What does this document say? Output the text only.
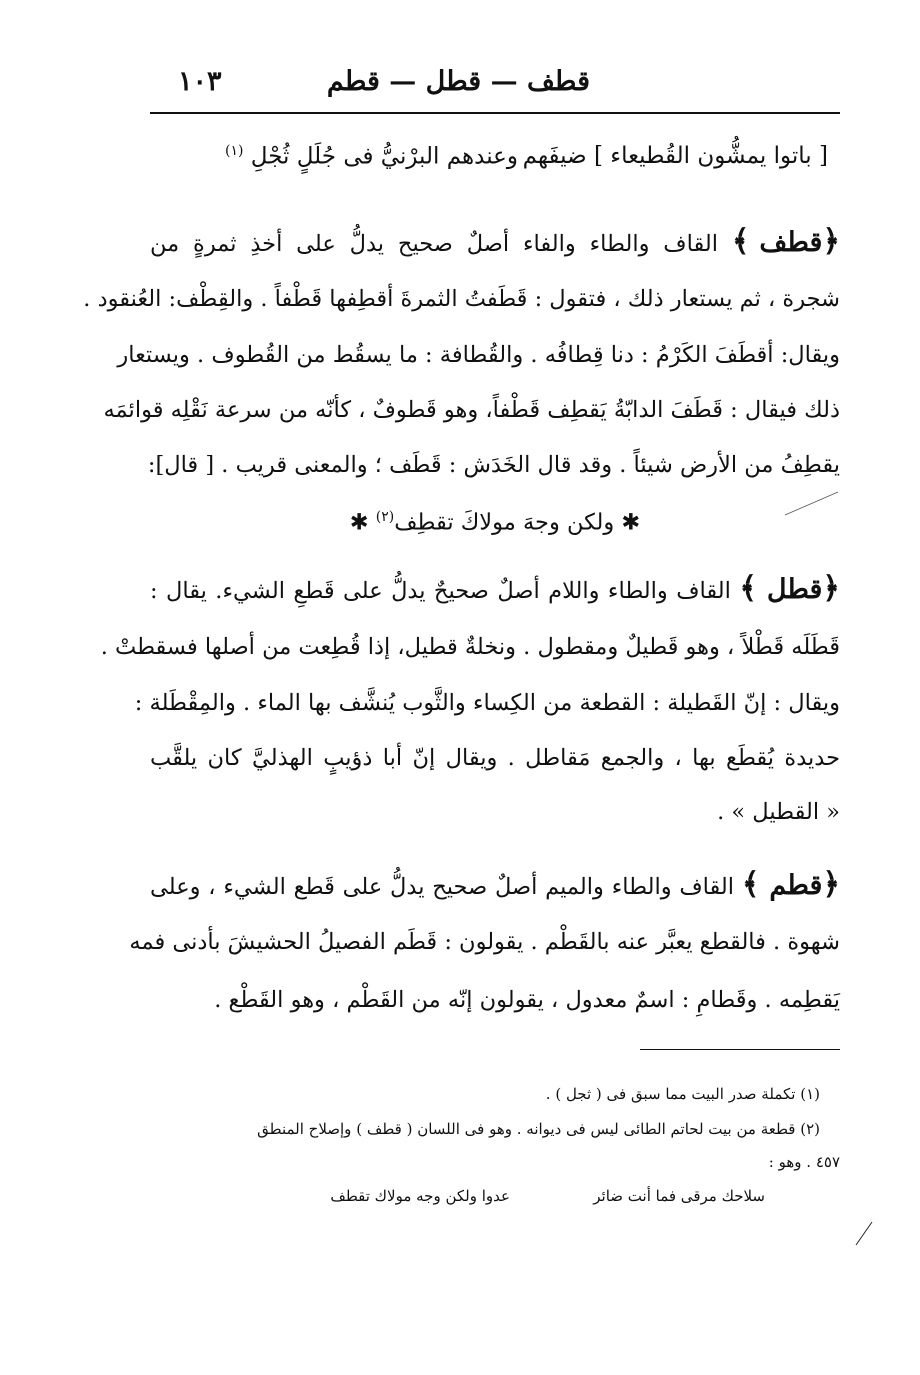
قطف — قطل — قطم
١٠٣
[ باتوا يمشُّون القُطيعاء ] ضيفَهم
وعندهم البرْنيُّ فى جُلَلٍ ثُجْلِ $^{(١)}$
﴿قطف﴾ القاف والطاء والفاء أصلٌ صحيح يدلُّ على أخذِ ثمرةٍ من
شجرة ، ثم يستعار ذلك ، فتقول : قَطَفتُ الثمرةَ أقطِفها قَطْفاً . والقِطْف: العُنقود .
ويقال: أقطَفَ الكَرْمُ : دنا قِطافُه . والقُطافة : ما يسقُط من القُطوف . ويستعار
ذلك فيقال : قَطَفَ الدابّةُ يَقطِف قَطْفاً، وهو قَطوفٌ ، كأنّه من سرعة نَقْلِه قوائمَه
يقطِفُ من الأرض شيئاً . وقد قال الخَدَش : قَطَف ؛ والمعنى قريب . [ قال]:
✱ ولكن وجهَ مولاكَ تقطِف$^{(٢)}$ ✱
﴿قطل﴾ القاف والطاء واللام أصلٌ صحيحٌ يدلُّ على قَطعِ الشيء. يقال :
قَطَلَه قَطْلاً ، وهو قَطيلٌ ومقطول . ونخلةٌ قطيل، إذا قُطِعت من أصلها فسقطتْ .
ويقال : إنّ القَطيلة : القطعة من الكِساء والثَّوب يُنشَّف بها الماء . والمِقْطَلة :
حديدة يُقطَع بها ، والجمع مَقاطل . ويقال إنّ أبا ذؤيبٍ الهذليَّ كان يلقَّب
« القطيل » .
﴿قطم﴾ القاف والطاء والميم أصلٌ صحيح يدلُّ على قَطع الشيء ، وعلى
شهوة . فالقطع يعبَّر عنه بالقَطْم . يقولون : قَطَم الفصيلُ الحشيشَ بأدنى فمه
يَقطِمه . وقَطامِ : اسمٌ معدول ، يقولون إنّه من القَطْم ، وهو القَطْع .
(١) تكملة صدر البيت مما سبق فى ( ثجل ) .
(٢) قطعة من بيت لحاتم الطائى ليس فى ديوانه . وهو فى اللسان ( قطف ) وإصلاح المنطق
٤٥٧ . وهو :
سلاحك مرقى فما أنت ضائر
عدوا ولكن وجه مولاك تقطف
